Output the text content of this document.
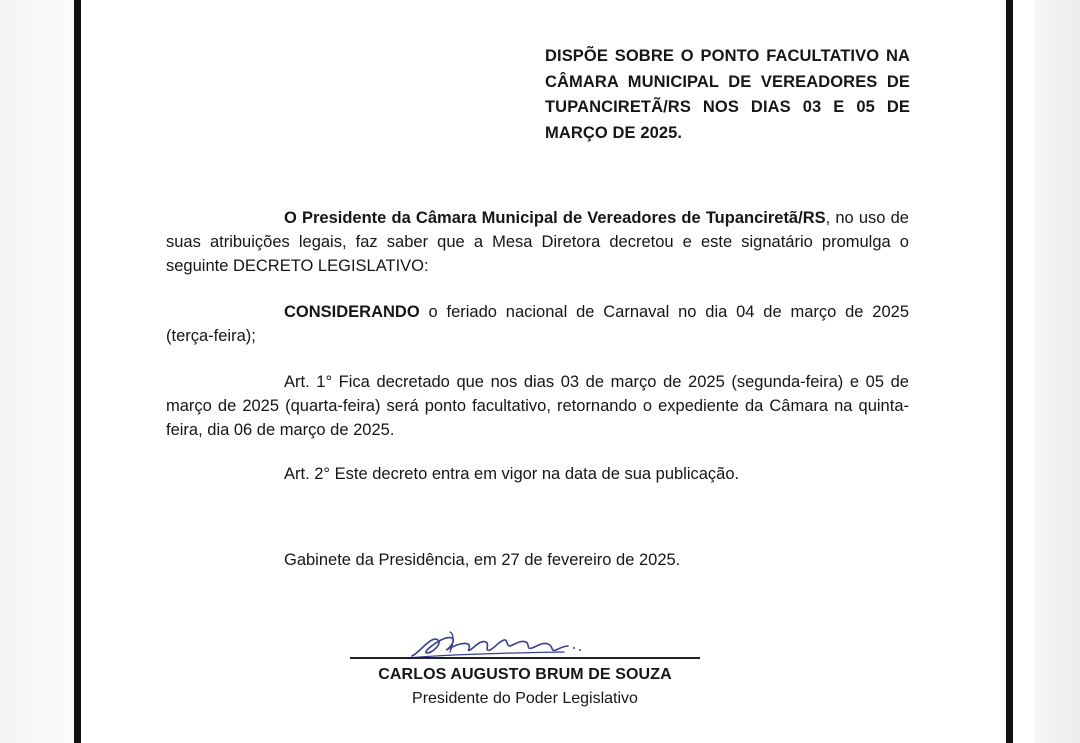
DISPÕE SOBRE O PONTO FACULTATIVO NA CÂMARA MUNICIPAL DE VEREADORES DE TUPANCIRETÃ/RS NOS DIAS 03 E 05 DE MARÇO DE 2025.

O Presidente da Câmara Municipal de Vereadores de Tupanciretã/RS, no uso de suas atribuições legais, faz saber que a Mesa Diretora decretou e este signatário promulga o seguinte DECRETO LEGISLATIVO:

CONSIDERANDO o feriado nacional de Carnaval no dia 04 de março de 2025 (terça-feira);

Art. 1° Fica decretado que nos dias 03 de março de 2025 (segunda-feira) e 05 de março de 2025 (quarta-feira) será ponto facultativo, retornando o expediente da Câmara na quinta-feira, dia 06 de março de 2025.

Art. 2° Este decreto entra em vigor na data de sua publicação.

Gabinete da Presidência, em 27 de fevereiro de 2025.

CARLOS AUGUSTO BRUM DE SOUZA
Presidente do Poder Legislativo
